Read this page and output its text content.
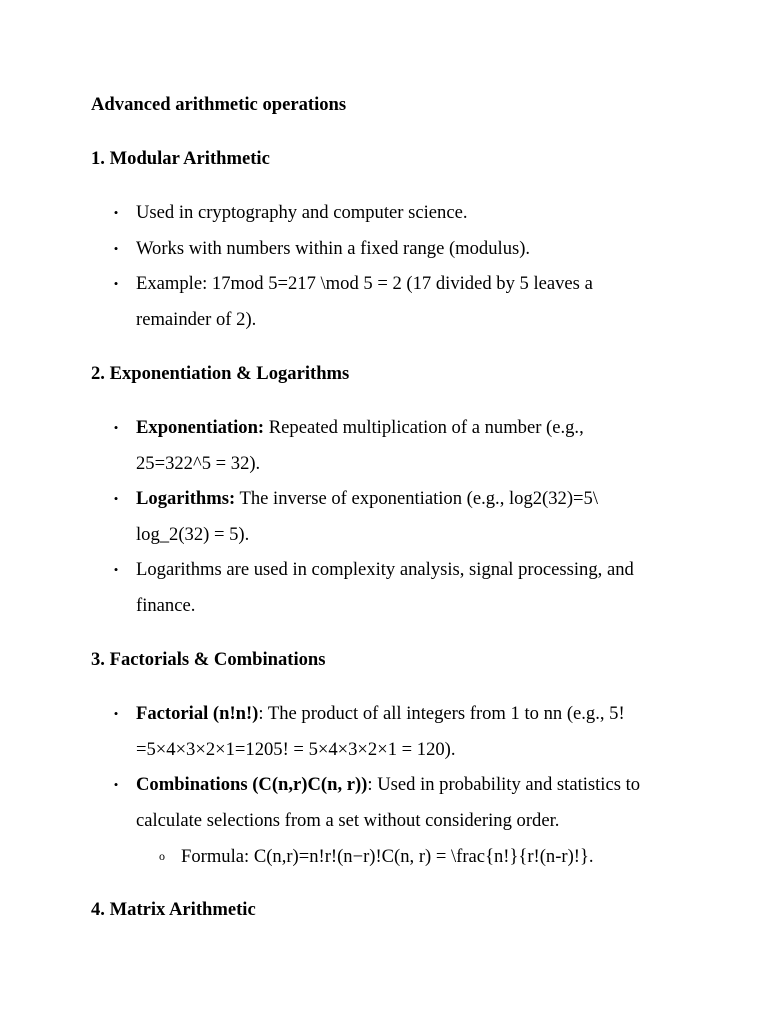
Advanced arithmetic operations
1. Modular Arithmetic
•
Used in cryptography and computer science.
•
Works with numbers within a fixed range (modulus).
•
Example: 17mod 5=217 \mod 5 = 2 (17 divided by 5 leaves a remainder of 2).
2. Exponentiation & Logarithms
•
Exponentiation: Repeated multiplication of a number (e.g., 25=322^5 = 32).
•
Logarithms: The inverse of exponentiation (e.g., log2(32)=5\ log_2(32) = 5).
•
Logarithms are used in complexity analysis, signal processing, and finance.
3. Factorials & Combinations
•
Factorial (n!n!): The product of all integers from 1 to nn (e.g., 5! =5×4×3×2×1=1205! = 5×4×3×2×1 = 120).
•
Combinations (C(n,r)C(n, r)): Used in probability and statistics to calculate selections from a set without considering order.
o
Formula: C(n,r)=n!r!(n−r)!C(n, r) = \frac{n!}{r!(n-r)!}.
4. Matrix Arithmetic
